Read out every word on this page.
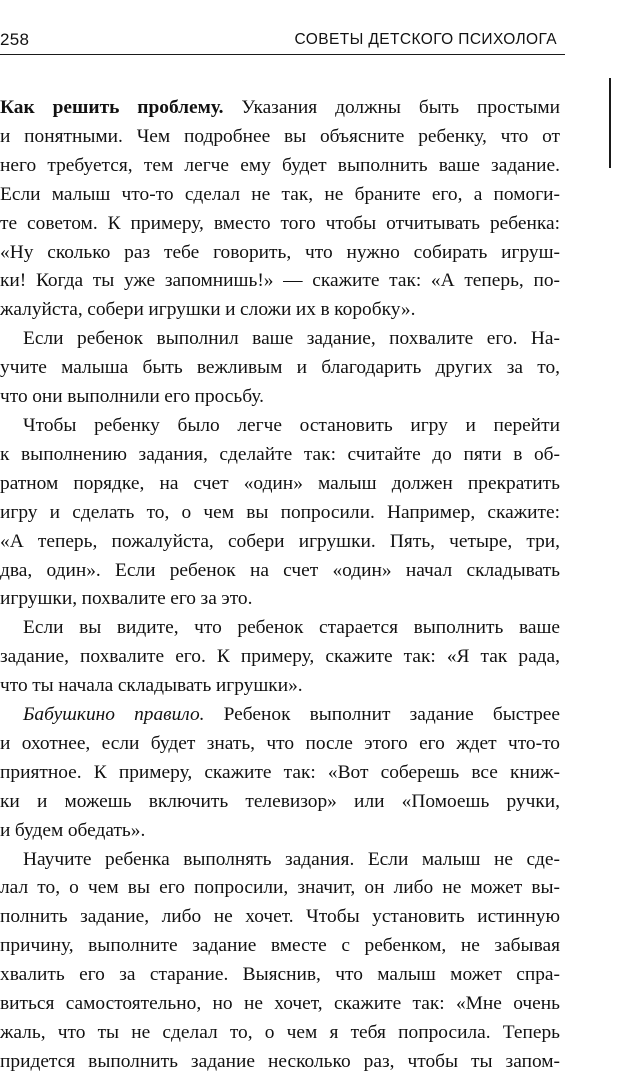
258	СОВЕТЫ ДЕТСКОГО ПСИХОЛОГА
Как решить проблему. Указания должны быть простыми
и понятными. Чем подробнее вы объясните ребенку, что от
него требуется, тем легче ему будет выполнить ваше задание.
Если малыш что-то сделал не так, не браните его, а помоги-
те советом. К примеру, вместо того чтобы отчитывать ребенка:
«Ну сколько раз тебе говорить, что нужно собирать игруш-
ки! Когда ты уже запомнишь!» — скажите так: «А теперь, по-
жалуйста, собери игрушки и сложи их в коробку».
Если ребенок выполнил ваше задание, похвалите его. На-
учите малыша быть вежливым и благодарить других за то,
что они выполнили его просьбу.
Чтобы ребенку было легче остановить игру и перейти
к выполнению задания, сделайте так: считайте до пяти в об-
ратном порядке, на счет «один» малыш должен прекратить
игру и сделать то, о чем вы попросили. Например, скажите:
«А теперь, пожалуйста, собери игрушки. Пять, четыре, три,
два, один». Если ребенок на счет «один» начал складывать
игрушки, похвалите его за это.
Если вы видите, что ребенок старается выполнить ваше
задание, похвалите его. К примеру, скажите так: «Я так рада,
что ты начала складывать игрушки».
Бабушкино правило. Ребенок выполнит задание быстрее
и охотнее, если будет знать, что после этого его ждет что-то
приятное. К примеру, скажите так: «Вот соберешь все книж-
ки и можешь включить телевизор» или «Помоешь ручки,
и будем обедать».
Научите ребенка выполнять задания. Если малыш не сде-
лал то, о чем вы его попросили, значит, он либо не может вы-
полнить задание, либо не хочет. Чтобы установить истинную
причину, выполните задание вместе с ребенком, не забывая
хвалить его за старание. Выяснив, что малыш может спра-
виться самостоятельно, но не хочет, скажите так: «Мне очень
жаль, что ты не сделал то, о чем я тебя попросила. Теперь
придется выполнить задание несколько раз, чтобы ты запом-
